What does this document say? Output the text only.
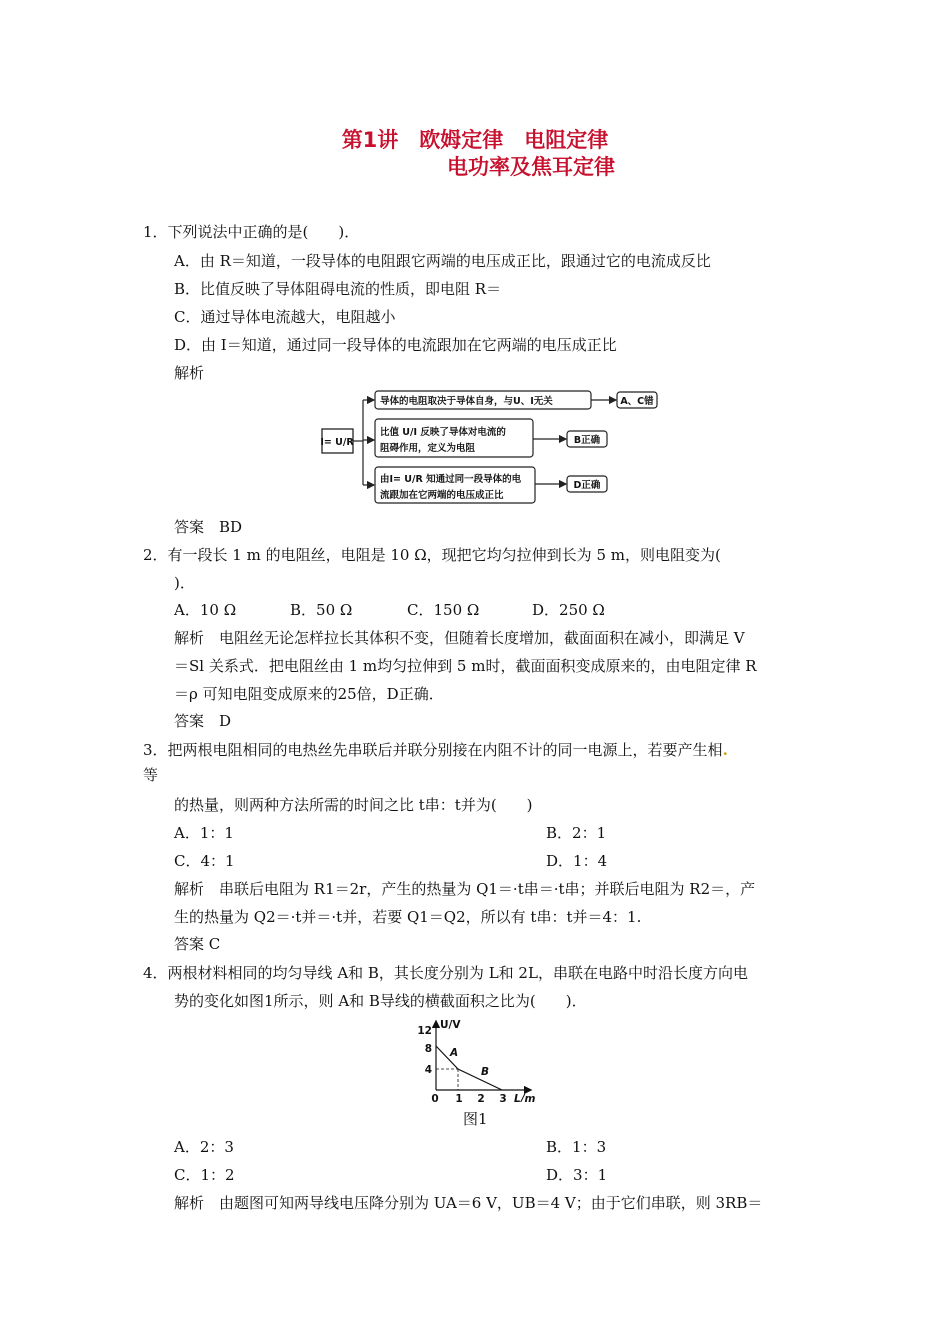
第1讲　欧姆定律　电阻定律
电功率及焦耳定律
1．下列说法中正确的是(　　)．
A．由 R＝知道，一段导体的电阻跟它两端的电压成正比，跟通过它的电流成反比
B．比值反映了导体阻碍电流的性质，即电阻 R＝
C．通过导体电流越大，电阻越小
D．由 I＝知道，通过同一段导体的电流跟加在它两端的电压成正比
解析
I= U/R
导体的电阻取决于导体自身，与U、I无关	A、C错
比值 U/I 反映了导体对电流的
阻碍作用，定义为电阻
B正确
由I= U/R 知通过同一段导体的电
流跟加在它两端的电压成正比
D正确
答案　BD
2．有一段长 1 m 的电阻丝，电阻是 10 Ω，现把它均匀拉伸到长为 5 m，则电阻变为(
)．
A．10 Ω	B．50 Ω	C．150 Ω	D．250 Ω
解析　电阻丝无论怎样拉长其体积不变，但随着长度增加，截面面积在减小，即满足 V
＝Sl 关系式．把电阻丝由 1 m均匀拉伸到 5 m时，截面面积变成原来的，由电阻定律 R
＝ρ 可知电阻变成原来的25倍，D正确．
答案　D
3．把两根电阻相同的电热丝先串联后并联分别接在内阻不计的同一电源上，若要产生相.
等
的热量，则两种方法所需的时间之比 t串：t并为(　　)
A．1：1	B．2：1
C．4：1	D．1：4
解析　串联后电阻为 R1＝2r，产生的热量为 Q1＝·t串＝·t串；并联后电阻为 R2＝，产
生的热量为 Q2＝·t并＝·t并，若要 Q1＝Q2，所以有 t串：t并＝4：1.
答案 C
4．两根材料相同的均匀导线 A和 B，其长度分别为 L和 2L，串联在电路中时沿长度方向电
势的变化如图1所示，则 A和 B导线的横截面积之比为(　　)．
U/V
L/m
12
8
4
0 1 2 3
A
B
图1
A．2：3	B．1：3
C．1：2	D．3：1
解析　由题图可知两导线电压降分别为 UA＝6 V，UB＝4 V；由于它们串联，则 3RB＝
